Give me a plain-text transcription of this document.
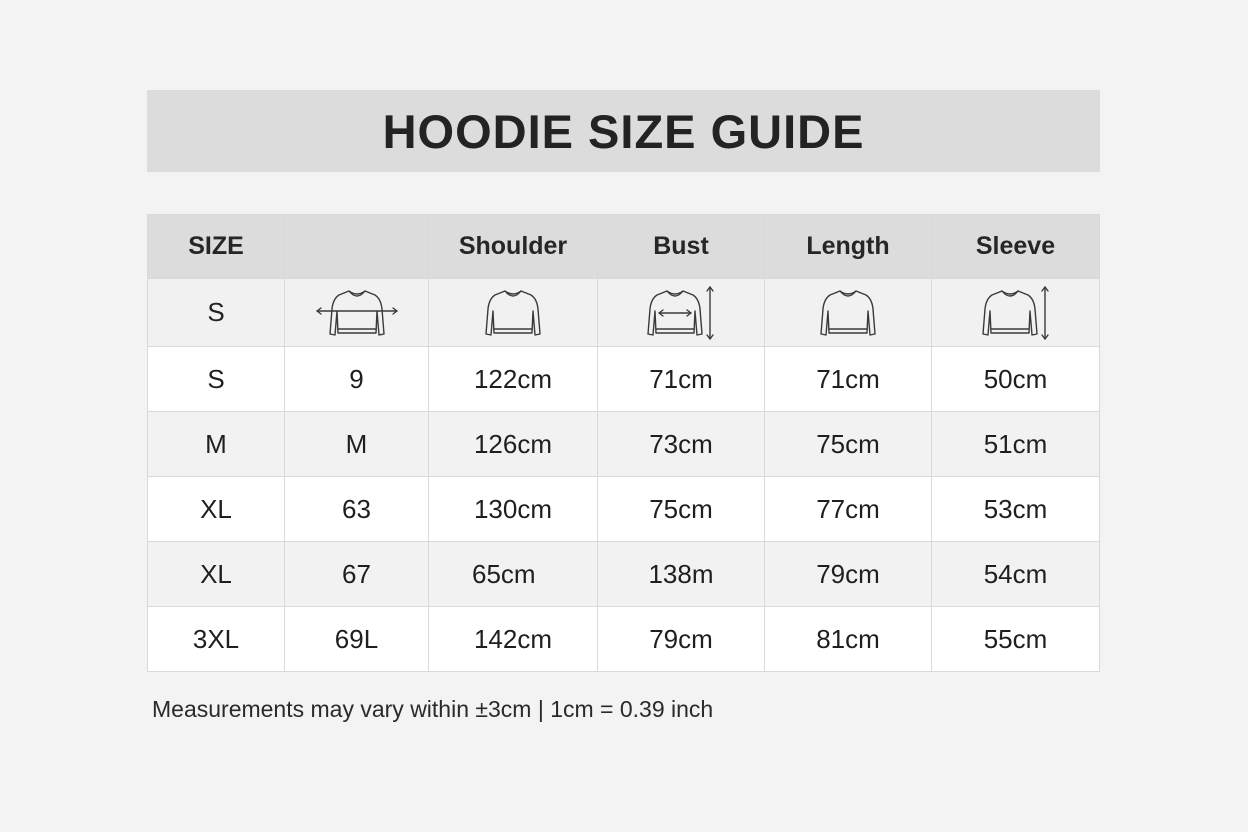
HOODIE SIZE GUIDE
SIZE		Shoulder	Bust	Length	Sleeve
S	

S	9	122cm	71cm	71cm	50cm
M	M	126cm	73cm	75cm	51cm
XL	63	130cm	75cm	77cm	53cm
XL	67	65cm	138m	79cm	54cm
3XL	69L	142cm	79cm	81cm	55cm
Measurements may vary within ±3cm | 1cm = 0.39 inch
